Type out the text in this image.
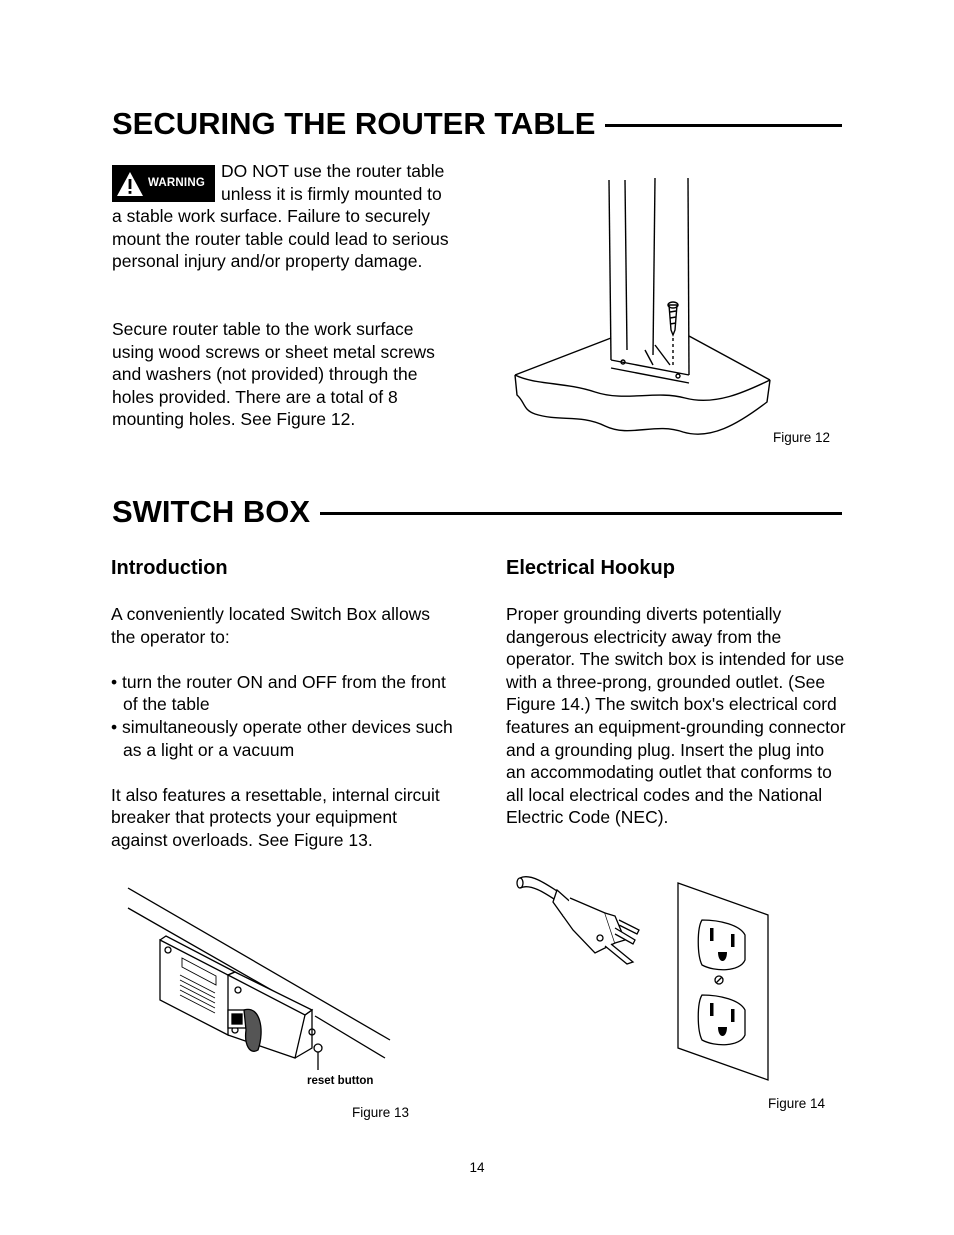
SECURING THE ROUTER TABLE
WARNING
DO NOT use the router table unless it is firmly mounted to a stable work surface. Failure to securely mount the router table could lead to serious personal injury and/or property damage.

Secure router table to the work surface using wood screws or sheet metal screws and washers (not provided) through the holes provided. There are a total of 8 mounting holes. See Figure 12.

Figure 12
SWITCH BOX
Introduction	Electrical Hookup

A conveniently located Switch Box allows the operator to:

• turn the router ON and OFF from the front of the table
• simultaneously operate other devices such as a light or a vacuum

It also features a resettable, internal circuit breaker that protects your equipment against overloads. See Figure 13.

Proper grounding diverts potentially dangerous electricity away from the operator. The switch box is intended for use with a three-prong, grounded outlet. (See Figure 14.) The switch box's electrical cord features an equipment-grounding connector and a grounding plug. Insert the plug into an accommodating outlet that conforms to all local electrical codes and the National Electric Code (NEC).

reset button
Figure 13
Figure 14
14
